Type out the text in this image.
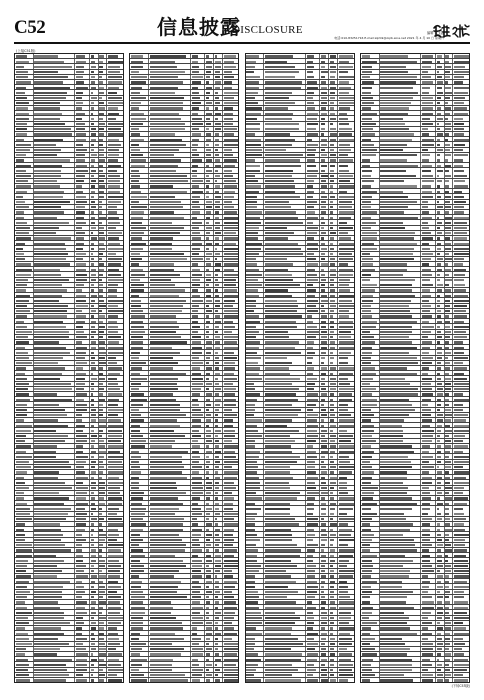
C52	信息披露
DISCLOSURE	编辑 朱玉霞
电话:010-83251716 E-mail:zqrb9@zqrb.sina.net 2021 年 4 月 10 日 星期六
(上接C51版)
(下转C53版)
